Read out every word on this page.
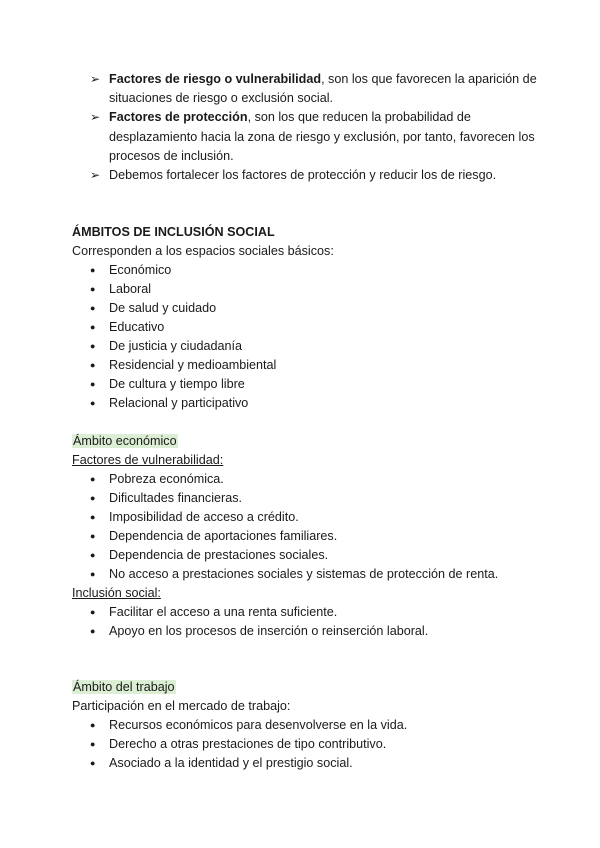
➢ Factores de riesgo o vulnerabilidad, son los que favorecen la aparición de situaciones de riesgo o exclusión social.
➢ Factores de protección, son los que reducen la probabilidad de desplazamiento hacia la zona de riesgo y exclusión, por tanto, favorecen los procesos de inclusión.
➢ Debemos fortalecer los factores de protección y reducir los de riesgo.
ÁMBITOS DE INCLUSIÓN SOCIAL
Corresponden a los espacios sociales básicos:
● Económico
● Laboral
● De salud y cuidado
● Educativo
● De justicia y ciudadanía
● Residencial y medioambiental
● De cultura y tiempo libre
● Relacional y participativo
Ámbito económico
Factores de vulnerabilidad:
● Pobreza económica.
● Dificultades financieras.
● Imposibilidad de acceso a crédito.
● Dependencia de aportaciones familiares.
● Dependencia de prestaciones sociales.
● No acceso a prestaciones sociales y sistemas de protección de renta.
Inclusión social:
● Facilitar el acceso a una renta suficiente.
● Apoyo en los procesos de inserción o reinserción laboral.
Ámbito del trabajo
Participación en el mercado de trabajo:
● Recursos económicos para desenvolverse en la vida.
● Derecho a otras prestaciones de tipo contributivo.
● Asociado a la identidad y el prestigio social.
